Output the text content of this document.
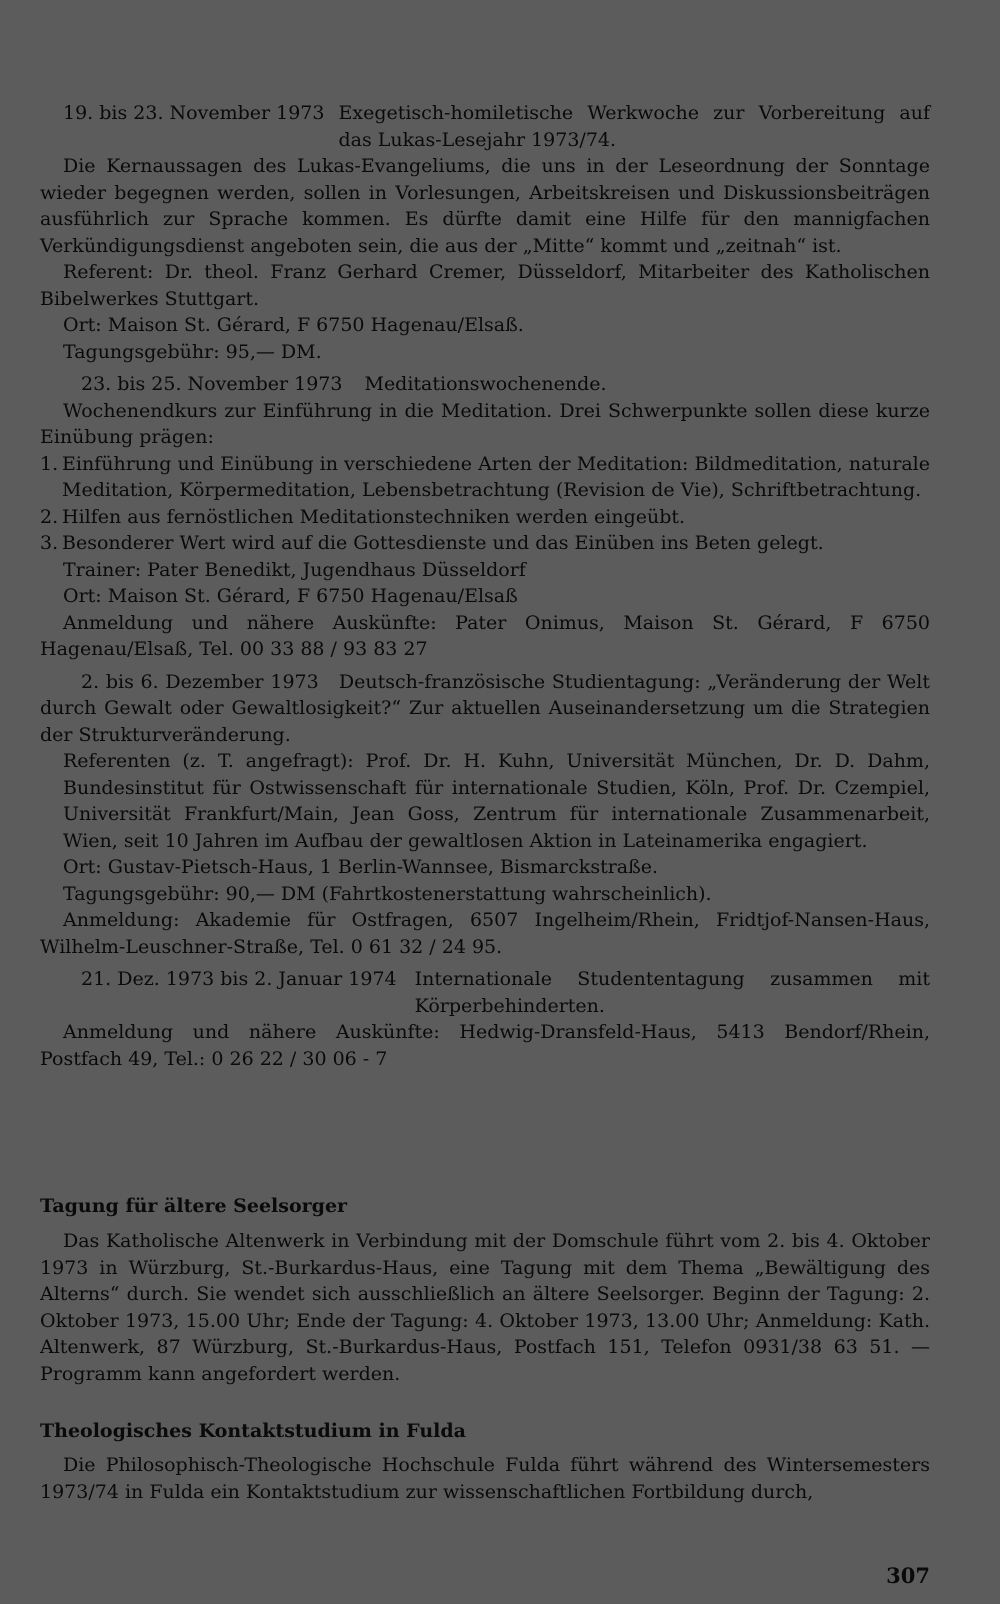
19. bis 23. November 1973 Exegetisch-homiletische Werkwoche zur Vorbereitung auf das Lukas-Lesejahr 1973/74.

Die Kernaussagen des Lukas-Evangeliums, die uns in der Leseordnung der Sonntage wieder begegnen werden, sollen in Vorlesungen, Arbeitskreisen und Diskussionsbeiträgen ausführlich zur Sprache kommen. Es dürfte damit eine Hilfe für den mannigfachen Verkündigungsdienst angeboten sein, die aus der „Mitte“ kommt und „zeitnah“ ist.

Referent: Dr. theol. Franz Gerhard Cremer, Düsseldorf, Mitarbeiter des Katholischen Bibelwerkes Stuttgart.

Ort: Maison St. Gérard, F 6750 Hagenau/Elsaß.

Tagungsgebühr: 95,— DM.

23. bis 25. November 1973 Meditationswochenende.

Wochenendkurs zur Einführung in die Meditation. Drei Schwerpunkte sollen diese kurze Einübung prägen:

1. Einführung und Einübung in verschiedene Arten der Meditation: Bildmeditation, naturale Meditation, Körpermeditation, Lebensbetrachtung (Revision de Vie), Schriftbetrachtung.
2. Hilfen aus fernöstlichen Meditationstechniken werden eingeübt.
3. Besonderer Wert wird auf die Gottesdienste und das Einüben ins Beten gelegt.

Trainer: Pater Benedikt, Jugendhaus Düsseldorf

Ort: Maison St. Gérard, F 6750 Hagenau/Elsaß

Anmeldung und nähere Auskünfte: Pater Onimus, Maison St. Gérard, F 6750 Hagenau/Elsaß, Tel. 00 33 88 / 93 83 27

2. bis 6. Dezember 1973 Deutsch-französische Studientagung: „Veränderung der Welt durch Gewalt oder Gewaltlosigkeit?“ Zur aktuellen Auseinandersetzung um die Strategien der Strukturveränderung.

Referenten (z. T. angefragt): Prof. Dr. H. Kuhn, Universität München, Dr. D. Dahm, Bundesinstitut für Ostwissenschaft für internationale Studien, Köln, Prof. Dr. Czempiel, Universität Frankfurt/Main, Jean Goss, Zentrum für internationale Zusammenarbeit, Wien, seit 10 Jahren im Aufbau der gewaltlosen Aktion in Lateinamerika engagiert.

Ort: Gustav-Pietsch-Haus, 1 Berlin-Wannsee, Bismarckstraße.

Tagungsgebühr: 90,— DM (Fahrtkostenerstattung wahrscheinlich).

Anmeldung: Akademie für Ostfragen, 6507 Ingelheim/Rhein, Fridtjof-Nansen-Haus, Wilhelm-Leuschner-Straße, Tel. 0 61 32 / 24 95.

21. Dez. 1973 bis 2. Januar 1974 Internationale Studententagung zusammen mit Körperbehinderten.

Anmeldung und nähere Auskünfte: Hedwig-Dransfeld-Haus, 5413 Bendorf/Rhein, Postfach 49, Tel.: 0 26 22 / 30 06 - 7

Tagung für ältere Seelsorger

Das Katholische Altenwerk in Verbindung mit der Domschule führt vom 2. bis 4. Oktober 1973 in Würzburg, St.-Burkardus-Haus, eine Tagung mit dem Thema „Bewältigung des Alterns“ durch. Sie wendet sich ausschließlich an ältere Seelsorger. Beginn der Tagung: 2. Oktober 1973, 15.00 Uhr; Ende der Tagung: 4. Oktober 1973, 13.00 Uhr; Anmeldung: Kath. Altenwerk, 87 Würzburg, St.-Burkardus-Haus, Postfach 151, Telefon 0931/38 63 51. — Programm kann angefordert werden.

Theologisches Kontaktstudium in Fulda

Die Philosophisch-Theologische Hochschule Fulda führt während des Wintersemesters 1973/74 in Fulda ein Kontaktstudium zur wissenschaftlichen Fortbildung durch,

307
